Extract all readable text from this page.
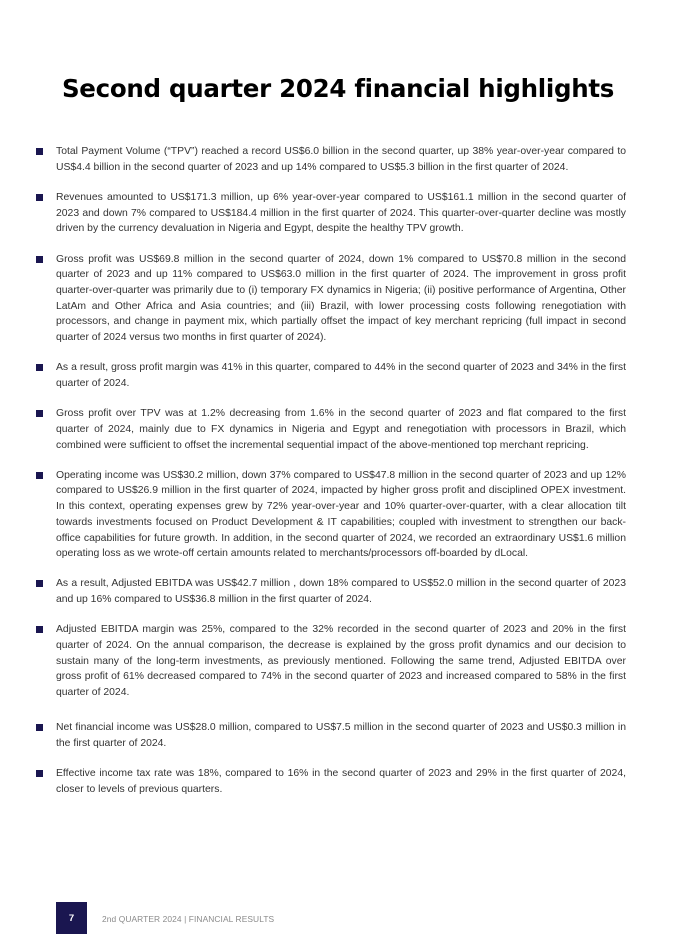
Second quarter 2024 financial highlights

Total Payment Volume (“TPV”) reached a record US$6.0 billion in the second quarter, up 38% year-over-year compared to US$4.4 billion in the second quarter of 2023 and up 14% compared to US$5.3 billion in the first quarter of 2024.

Revenues amounted to US$171.3 million, up 6% year-over-year compared to US$161.1 million in the second quarter of 2023 and down 7% compared to US$184.4 million in the first quarter of 2024. This quarter-over-quarter decline was mostly driven by the currency devaluation in Nigeria and Egypt, despite the healthy TPV growth.

Gross profit was US$69.8 million in the second quarter of 2024, down 1% compared to US$70.8 million in the second quarter of 2023 and up 11% compared to US$63.0 million in the first quarter of 2024. The improvement in gross profit quarter-over-quarter was primarily due to (i) temporary FX dynamics in Nigeria; (ii) positive performance of Argentina, Other LatAm and Other Africa and Asia countries; and (iii) Brazil, with lower processing costs following renegotiation with processors, and change in payment mix, which partially offset the impact of key merchant repricing (full impact in second quarter of 2024 versus two months in first quarter of 2024).

As a result, gross profit margin was 41% in this quarter, compared to 44% in the second quarter of 2023 and 34% in the first quarter of 2024.

Gross profit over TPV was at 1.2% decreasing from 1.6% in the second quarter of 2023 and flat compared to the first quarter of 2024, mainly due to FX dynamics in Nigeria and Egypt and renegotiation with processors in Brazil, which combined were sufficient to offset the incremental sequential impact of the above-mentioned top merchant repricing.

Operating income was US$30.2 million, down 37% compared to US$47.8 million in the second quarter of 2023 and up 12% compared to US$26.9 million in the first quarter of 2024, impacted by higher gross profit and disciplined OPEX investment. In this context, operating expenses grew by 72% year-over-year and 10% quarter-over-quarter, with a clear allocation tilt towards investments focused on Product Development & IT capabilities; coupled with investment to strengthen our back-office capabilities for future growth. In addition, in the second quarter of 2024, we recorded an extraordinary US$1.6 million operating loss as we wrote-off certain amounts related to merchants/processors off-boarded by dLocal.

As a result, Adjusted EBITDA was US$42.7 million , down 18% compared to US$52.0 million in the second quarter of 2023 and up 16% compared to US$36.8 million in the first quarter of 2024.

Adjusted EBITDA margin was 25%, compared to the 32% recorded in the second quarter of 2023 and 20% in the first quarter of 2024. On the annual comparison, the decrease is explained by the gross profit dynamics and our decision to sustain many of the long-term investments, as previously mentioned. Following the same trend, Adjusted EBITDA over gross profit of 61% decreased compared to 74% in the second quarter of 2023 and increased compared to 58% in the first quarter of 2024.

Net financial income was US$28.0 million, compared to US$7.5 million in the second quarter of 2023 and US$0.3 million in the first quarter of 2024.

Effective income tax rate was 18%, compared to 16% in the second quarter of 2023 and 29% in the first quarter of 2024, closer to levels of previous quarters.

7	2nd QUARTER 2024 | FINANCIAL RESULTS
